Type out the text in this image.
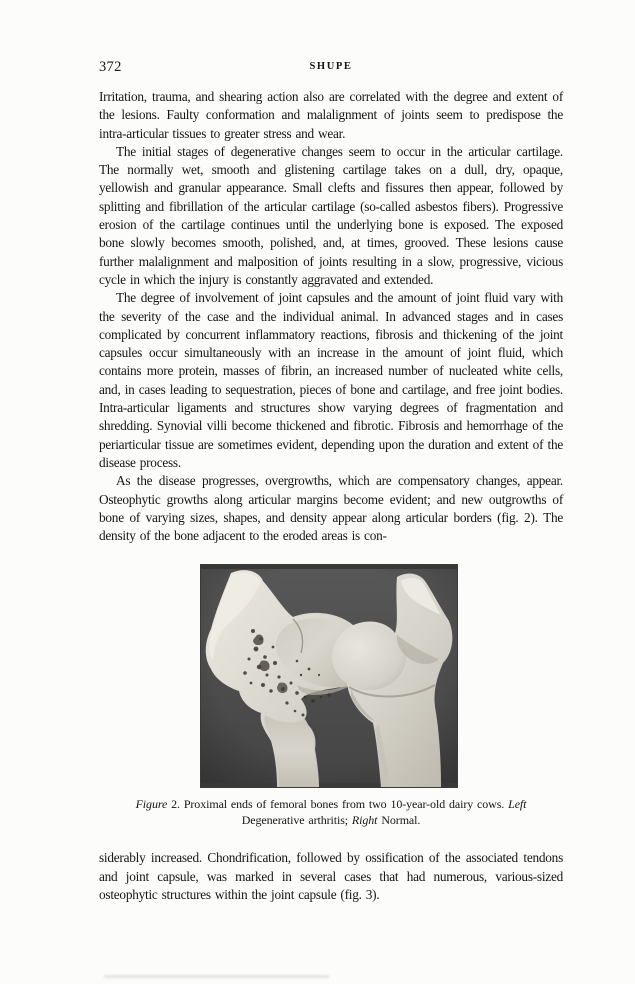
372	SHUPE

Irritation, trauma, and shearing action also are correlated with the degree and extent of the lesions. Faulty conformation and malalignment of joints seem to predispose the intra-articular tissues to greater stress and wear.

The initial stages of degenerative changes seem to occur in the articular cartilage. The normally wet, smooth and glistening cartilage takes on a dull, dry, opaque, yellowish and granular appearance. Small clefts and fissures then appear, followed by splitting and fibrillation of the articular cartilage (so-called asbestos fibers). Progressive erosion of the cartilage continues until the underlying bone is exposed. The exposed bone slowly becomes smooth, polished, and, at times, grooved. These lesions cause further malalignment and malposition of joints resulting in a slow, progressive, vicious cycle in which the injury is constantly aggravated and extended.

The degree of involvement of joint capsules and the amount of joint fluid vary with the severity of the case and the individual animal. In advanced stages and in cases complicated by concurrent inflammatory reactions, fibrosis and thickening of the joint capsules occur simultaneously with an increase in the amount of joint fluid, which contains more protein, masses of fibrin, an increased number of nucleated white cells, and, in cases leading to sequestration, pieces of bone and cartilage, and free joint bodies. Intra-articular ligaments and structures show varying degrees of fragmentation and shredding. Synovial villi become thickened and fibrotic. Fibrosis and hemorrhage of the periarticular tissue are sometimes evident, depending upon the duration and extent of the disease process.

As the disease progresses, overgrowths, which are compensatory changes, appear. Osteophytic growths along articular margins become evident; and new outgrowths of bone of varying sizes, shapes, and density appear along articular borders (fig. 2). The density of the bone adjacent to the eroded areas is con-

Figure 2. Proximal ends of femoral bones from two 10-year-old dairy cows. Left Degenerative arthritis; Right Normal.

siderably increased. Chondrification, followed by ossification of the associated tendons and joint capsule, was marked in several cases that had numerous, various-sized osteophytic structures within the joint capsule (fig. 3).
